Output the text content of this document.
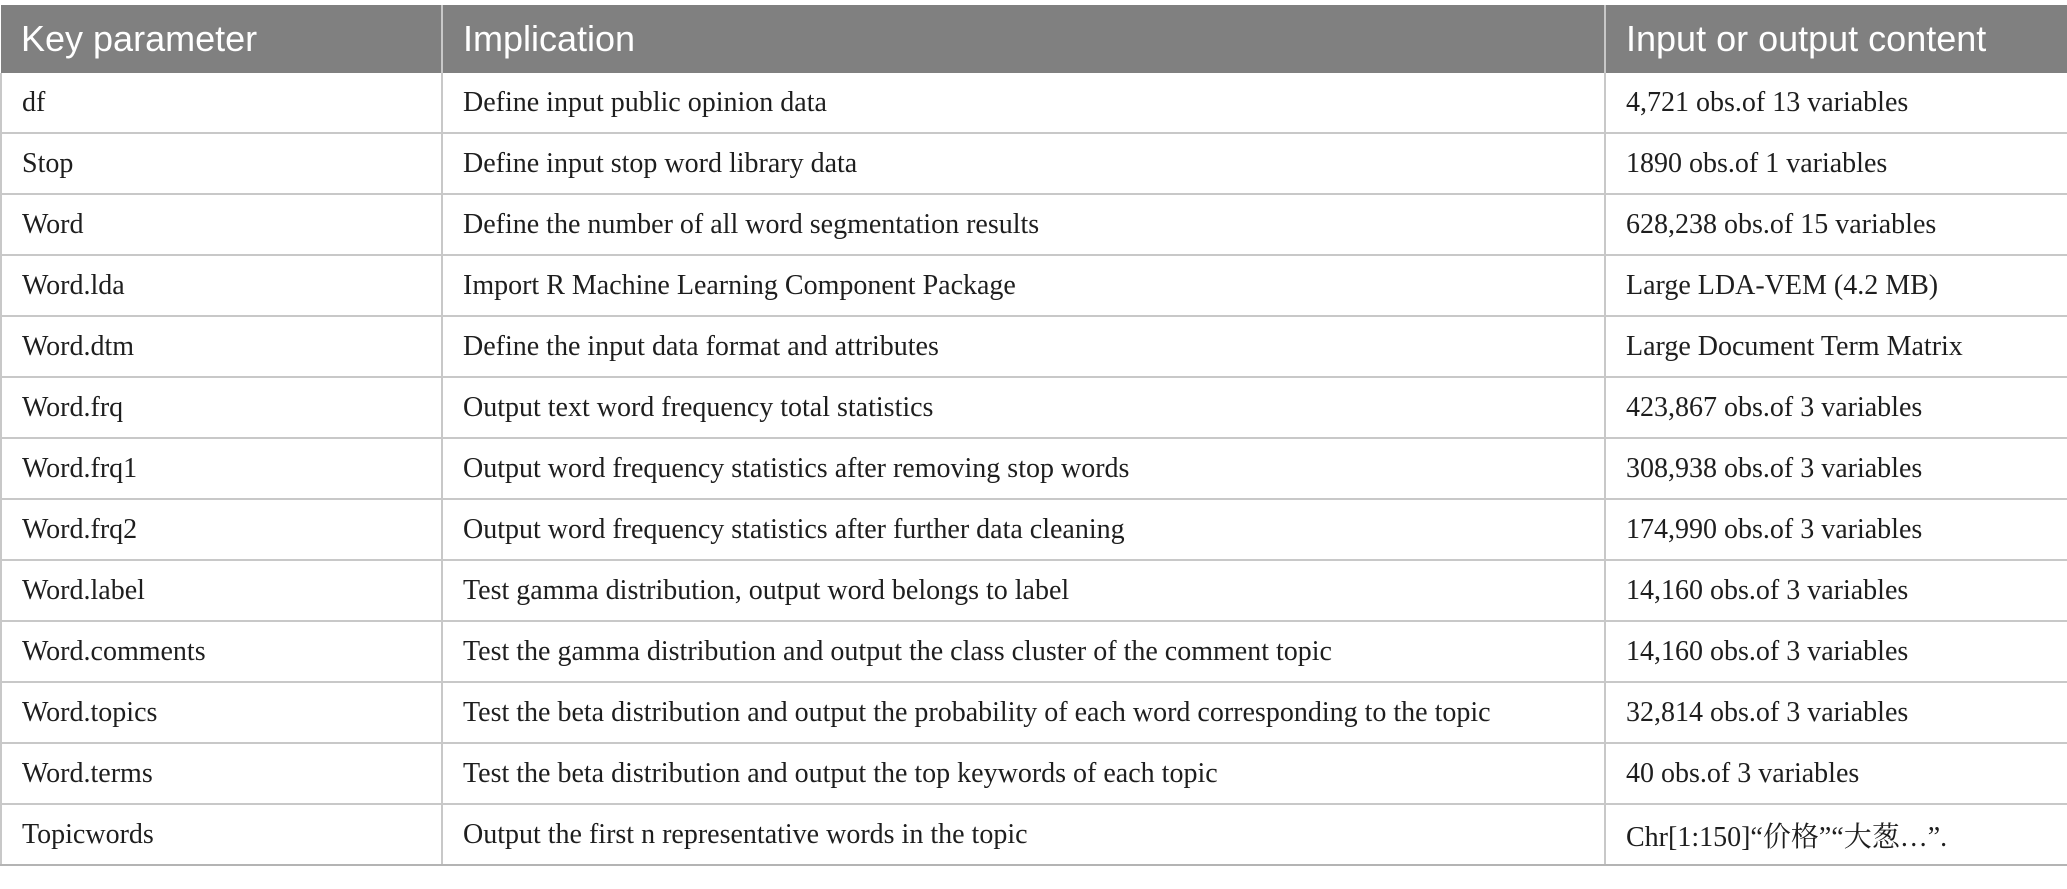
Key parameter	Implication	Input or output content
df	Define input public opinion data	4,721 obs.of 13 variables
Stop	Define input stop word library data	1890 obs.of 1 variables
Word	Define the number of all word segmentation results	628,238 obs.of 15 variables
Word.lda	Import R Machine Learning Component Package	Large LDA-VEM (4.2 MB)
Word.dtm	Define the input data format and attributes	Large Document Term Matrix
Word.frq	Output text word frequency total statistics	423,867 obs.of 3 variables
Word.frq1	Output word frequency statistics after removing stop words	308,938 obs.of 3 variables
Word.frq2	Output word frequency statistics after further data cleaning	174,990 obs.of 3 variables
Word.label	Test gamma distribution, output word belongs to label	14,160 obs.of 3 variables
Word.comments	Test the gamma distribution and output the class cluster of the comment topic	14,160 obs.of 3 variables
Word.topics	Test the beta distribution and output the probability of each word corresponding to the topic	32,814 obs.of 3 variables
Word.terms	Test the beta distribution and output the top keywords of each topic	40 obs.of 3 variables
Topicwords	Output the first n representative words in the topic	Chr[1:150]“价格”“大葱…”.
